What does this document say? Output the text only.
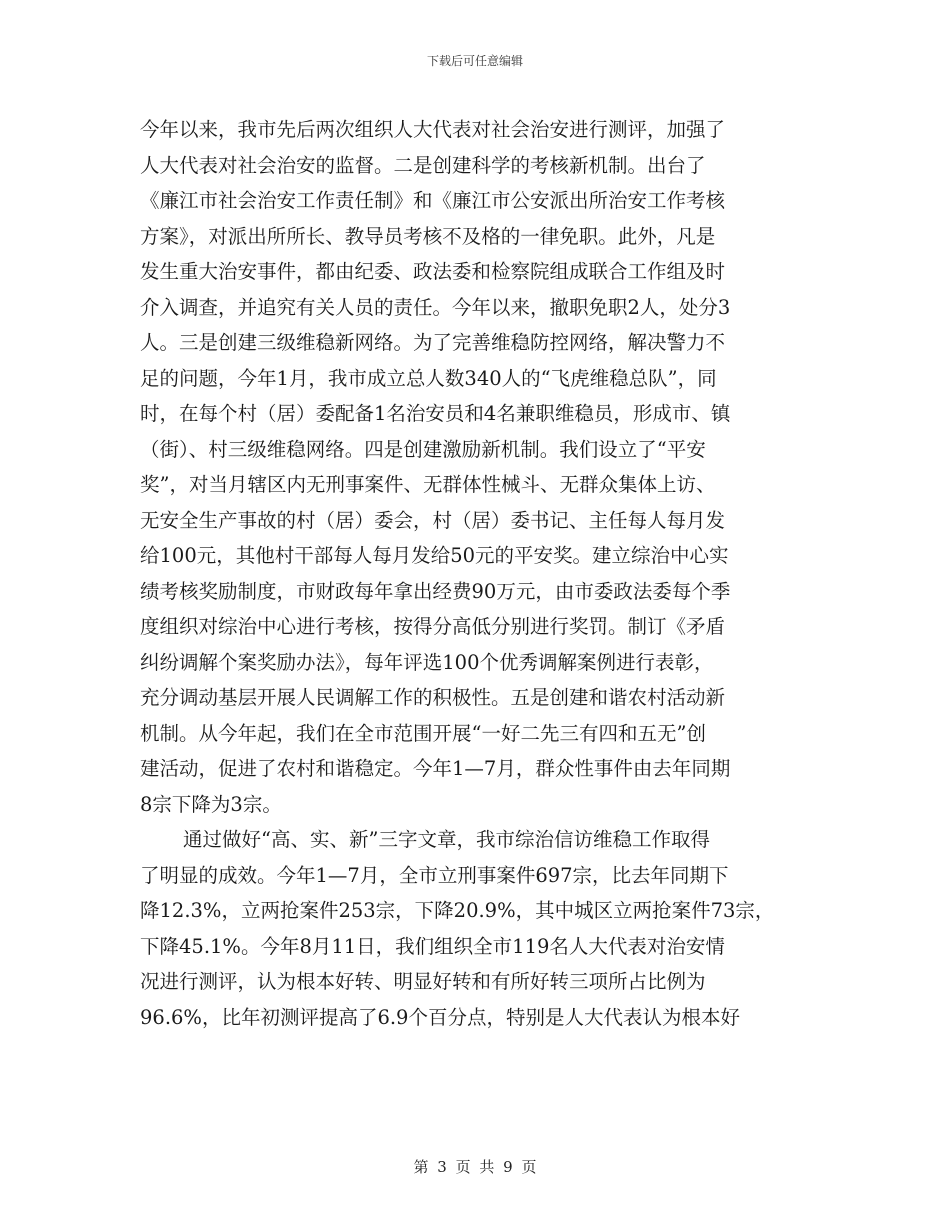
下载后可任意编辑
今年以来，我市先后两次组织人大代表对社会治安进行测评，加强了
人大代表对社会治安的监督。二是创建科学的考核新机制。出台了
《廉江市社会治安工作责任制》和《廉江市公安派出所治安工作考核
方案》，对派出所所长、教导员考核不及格的一律免职。此外，凡是
发生重大治安事件，都由纪委、政法委和检察院组成联合工作组及时
介入调查，并追究有关人员的责任。今年以来，撤职免职2人，处分3
人。三是创建三级维稳新网络。为了完善维稳防控网络，解决警力不
足的问题，今年1月，我市成立总人数340人的“飞虎维稳总队”，同
时，在每个村（居）委配备1名治安员和4名兼职维稳员，形成市、镇
（街）、村三级维稳网络。四是创建激励新机制。我们设立了“平安
奖”，对当月辖区内无刑事案件、无群体性械斗、无群众集体上访、
无安全生产事故的村（居）委会，村（居）委书记、主任每人每月发
给100元，其他村干部每人每月发给50元的平安奖。建立综治中心实
绩考核奖励制度，市财政每年拿出经费90万元，由市委政法委每个季
度组织对综治中心进行考核，按得分高低分别进行奖罚。制订《矛盾
纠纷调解个案奖励办法》，每年评选100个优秀调解案例进行表彰，
充分调动基层开展人民调解工作的积极性。五是创建和谐农村活动新
机制。从今年起，我们在全市范围开展“一好二先三有四和五无”创
建活动，促进了农村和谐稳定。今年1—7月，群众性事件由去年同期
8宗下降为3宗。
通过做好“高、实、新”三字文章，我市综治信访维稳工作取得
了明显的成效。今年1—7月，全市立刑事案件697宗，比去年同期下
降12.3%，立两抢案件253宗，下降20.9%，其中城区立两抢案件73宗，
下降45.1%。今年8月11日，我们组织全市119名人大代表对治安情
况进行测评，认为根本好转、明显好转和有所好转三项所占比例为
96.6%，比年初测评提高了6.9个百分点，特别是人大代表认为根本好
第 3 页 共 9 页
